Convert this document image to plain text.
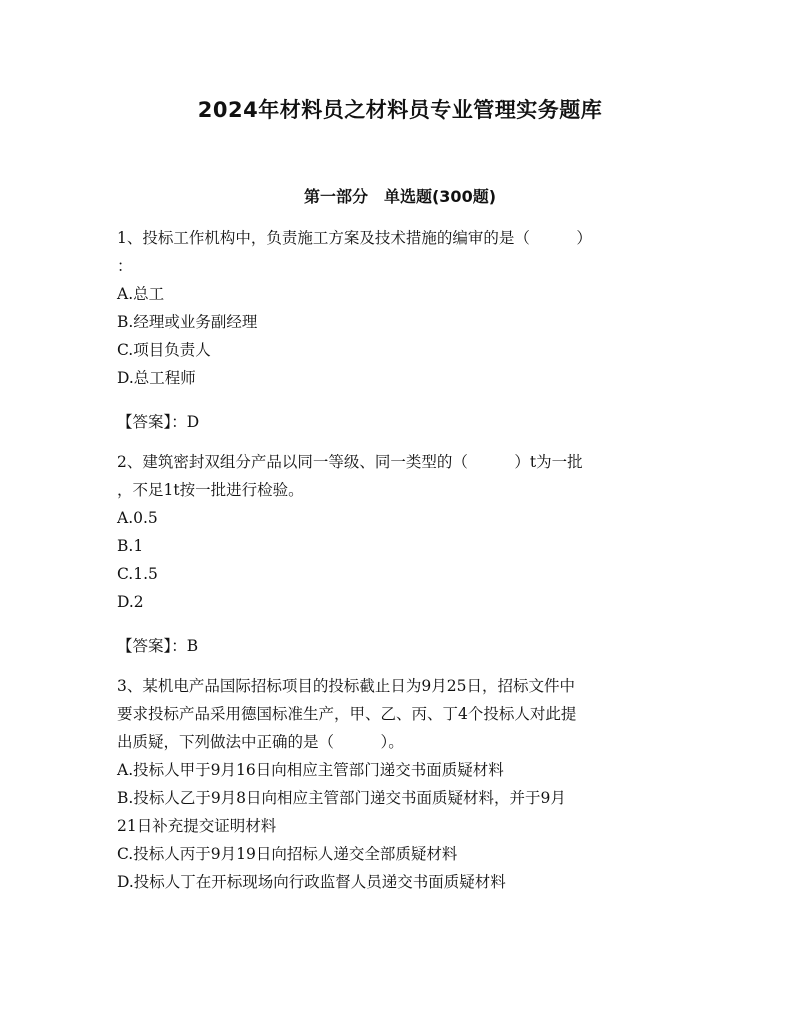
2024年材料员之材料员专业管理实务题库
第一部分　单选题(300题)
1、投标工作机构中，负责施工方案及技术措施的编审的是（　　　）
：
A.总工
B.经理或业务副经理
C.项目负责人
D.总工程师
【答案】：D
2、建筑密封双组分产品以同一等级、同一类型的（　　　）t为一批
，不足1t按一批进行检验。
A.0.5
B.1
C.1.5
D.2
【答案】：B
3、某机电产品国际招标项目的投标截止日为9月25日，招标文件中
要求投标产品采用德国标准生产，甲、乙、丙、丁4个投标人对此提
出质疑，下列做法中正确的是（　　　）。
A.投标人甲于9月16日向相应主管部门递交书面质疑材料
B.投标人乙于9月8日向相应主管部门递交书面质疑材料，并于9月
21日补充提交证明材料
C.投标人丙于9月19日向招标人递交全部质疑材料
D.投标人丁在开标现场向行政监督人员递交书面质疑材料
